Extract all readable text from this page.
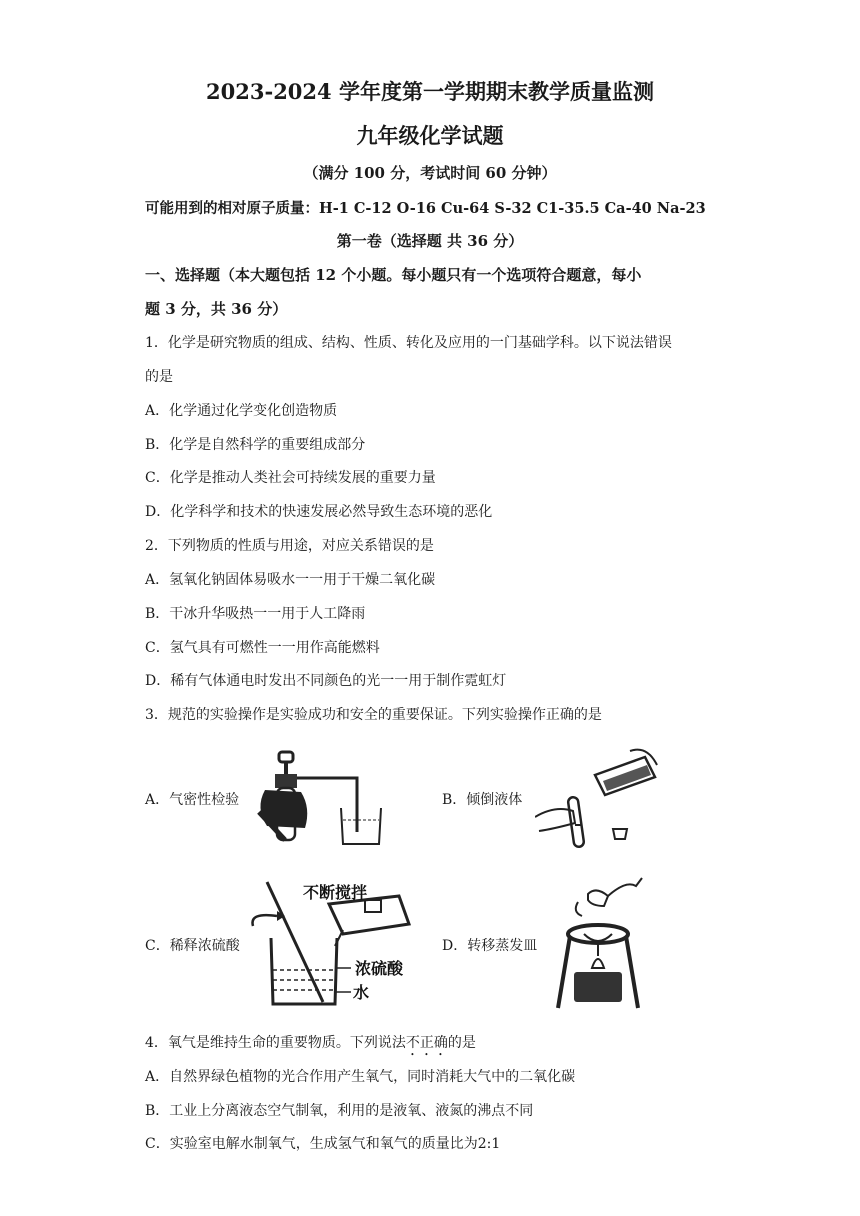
2023-2024 学年度第一学期期末教学质量监测
九年级化学试题
（满分 100 分，考试时间 60 分钟）
可能用到的相对原子质量：H-1 C-12 O-16 Cu-64 S-32 C1-35.5 Ca-40 Na-23
第一卷（选择题 共 36 分）
一、选择题（本大题包括 12 个小题。每小题只有一个选项符合题意，每小
题 3 分，共 36 分）
1．化学是研究物质的组成、结构、性质、转化及应用的一门基础学科。以下说法错误
的是
A．化学通过化学变化创造物质
B．化学是自然科学的重要组成部分
C．化学是推动人类社会可持续发展的重要力量
D．化学科学和技术的快速发展必然导致生态环境的恶化
2．下列物质的性质与用途，对应关系错误的是
A．氢氧化钠固体易吸水一一用于干燥二氧化碳
B．干冰升华吸热一一用于人工降雨
C．氢气具有可燃性一一用作高能燃料
D．稀有气体通电时发出不同颜色的光一一用于制作霓虹灯
3．规范的实验操作是实验成功和安全的重要保证。下列实验操作正确的是
A．气密性检验	B．倾倒液体
C．稀释浓硫酸
不断搅拌
浓硫酸
水
D．转移蒸发皿
4．氧气是维持生命的重要物质。下列说法不正确的是
A．自然界绿色植物的光合作用产生氧气，同时消耗大气中的二氧化碳
B．工业上分离液态空气制氧，利用的是液氧、液氮的沸点不同
C．实验室电解水制氧气，生成氢气和氧气的质量比为2:1
